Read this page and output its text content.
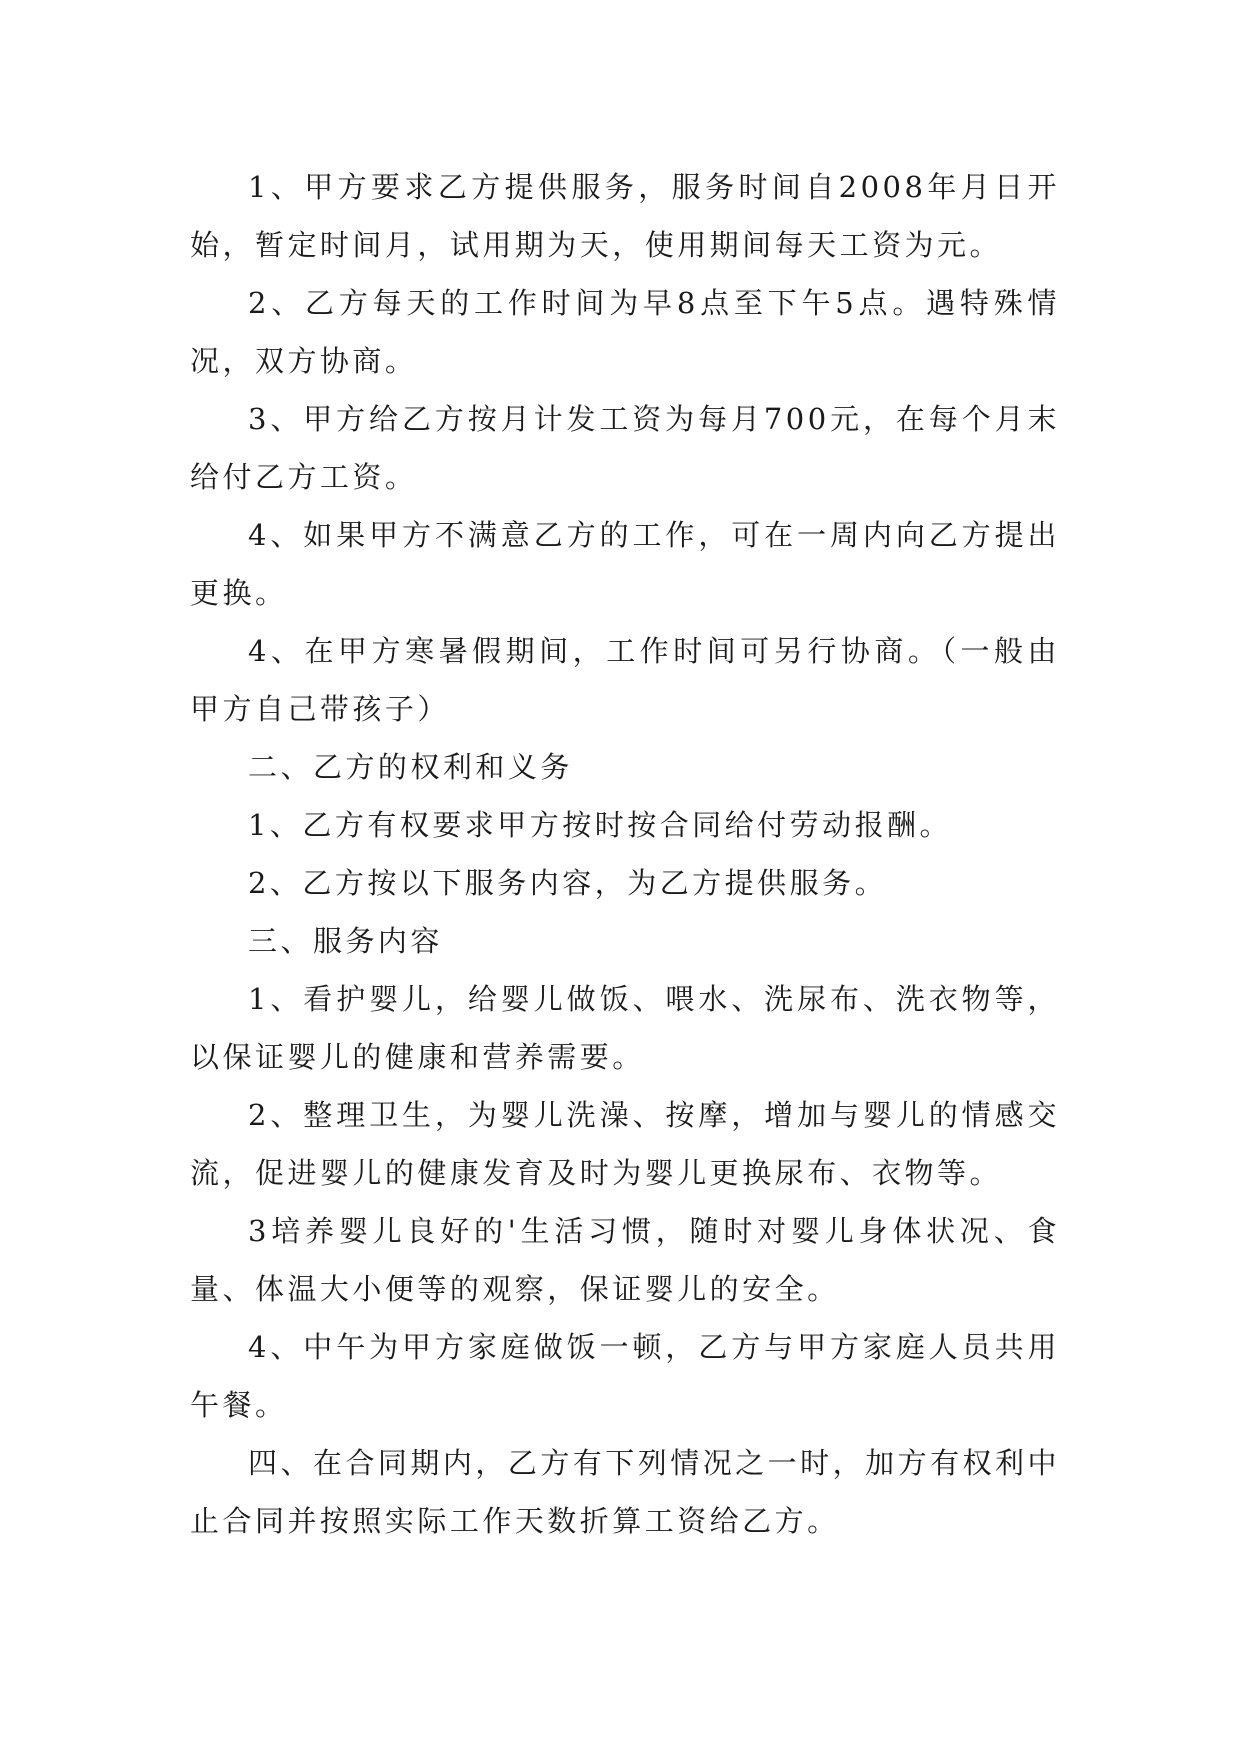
1、甲方要求乙方提供服务，服务时间自2008年月日开始，暂定时间月，试用期为天，使用期间每天工资为元。

2、乙方每天的工作时间为早8点至下午5点。遇特殊情况，双方协商。

3、甲方给乙方按月计发工资为每月700元，在每个月末给付乙方工资。

4、如果甲方不满意乙方的工作，可在一周内向乙方提出更换。

4、在甲方寒暑假期间，工作时间可另行协商。（一般由甲方自己带孩子）

二、乙方的权利和义务

1、乙方有权要求甲方按时按合同给付劳动报酬。

2、乙方按以下服务内容，为乙方提供服务。

三、服务内容

1、看护婴儿，给婴儿做饭、喂水、洗尿布、洗衣物等，以保证婴儿的健康和营养需要。

2、整理卫生，为婴儿洗澡、按摩，增加与婴儿的情感交流，促进婴儿的健康发育及时为婴儿更换尿布、衣物等。

3培养婴儿良好的'生活习惯，随时对婴儿身体状况、食量、体温大小便等的观察，保证婴儿的安全。

4、中午为甲方家庭做饭一顿，乙方与甲方家庭人员共用午餐。

四、在合同期内，乙方有下列情况之一时，加方有权利中止合同并按照实际工作天数折算工资给乙方。
